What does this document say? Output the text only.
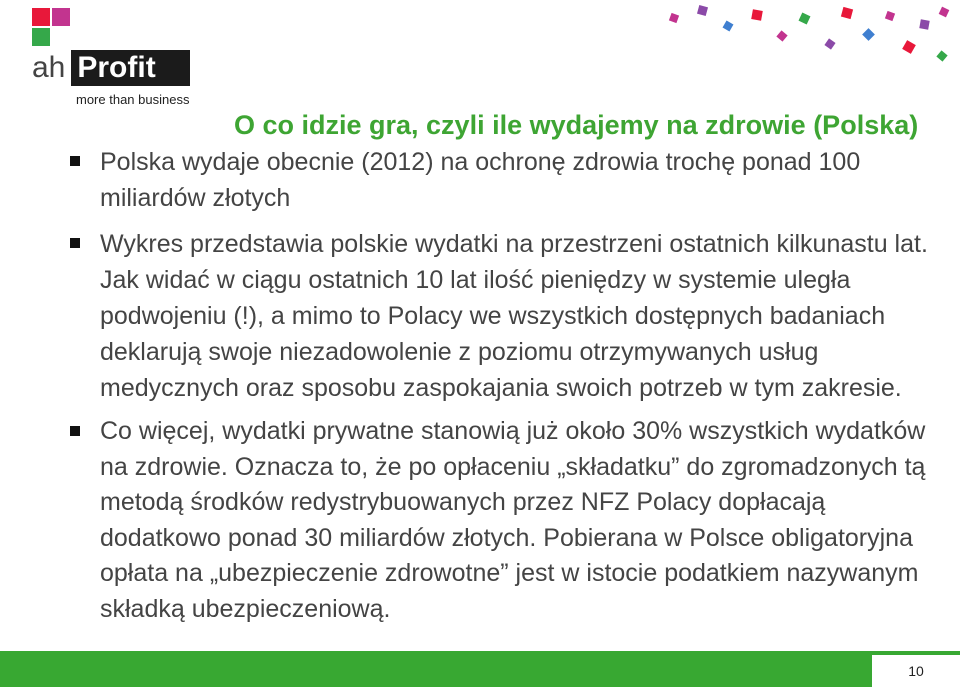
ah Profit
more than business
O co idzie gra, czyli ile wydajemy na zdrowie (Polska)
Polska wydaje obecnie (2012) na ochronę zdrowia trochę ponad 100 miliardów złotych
Wykres przedstawia polskie wydatki na przestrzeni ostatnich kilkunastu lat. Jak widać w ciągu ostatnich 10 lat ilość pieniędzy w systemie uległa podwojeniu (!), a mimo to Polacy we wszystkich dostępnych badaniach deklarują swoje niezadowolenie z poziomu otrzymywanych usług medycznych oraz sposobu zaspokajania swoich potrzeb w tym zakresie.
Co więcej, wydatki prywatne stanowią już około 30% wszystkich wydatków na zdrowie. Oznacza to, że po opłaceniu „składatku” do zgromadzonych tą metodą środków redystrybuowanych przez NFZ Polacy dopłacają dodatkowo ponad 30 miliardów złotych. Pobierana w Polsce obligatoryjna opłata na „ubezpieczenie zdrowotne” jest w istocie podatkiem nazywanym składką ubezpieczeniową.
10
